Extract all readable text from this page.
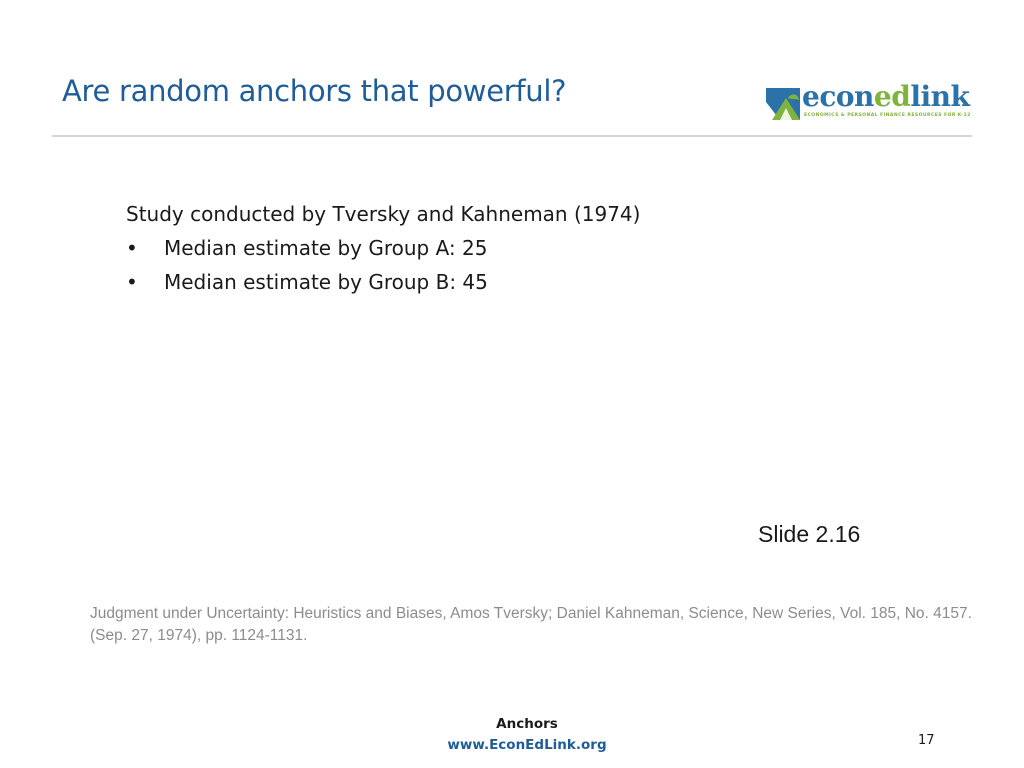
Are random anchors that powerful?	econedlink
ECONOMICS & PERSONAL FINANCE RESOURCES FOR K-12

Study conducted by Tversky and Kahneman (1974)

• Median estimate by Group A: 25
• Median estimate by Group B: 45
Slide 2.16
Judgment under Uncertainty: Heuristics and Biases, Amos Tversky; Daniel Kahneman, Science, New Series, Vol. 185, No. 4157. (Sep. 27, 1974), pp. 1124-1131.
Anchors
www.EconEdLink.org	17
